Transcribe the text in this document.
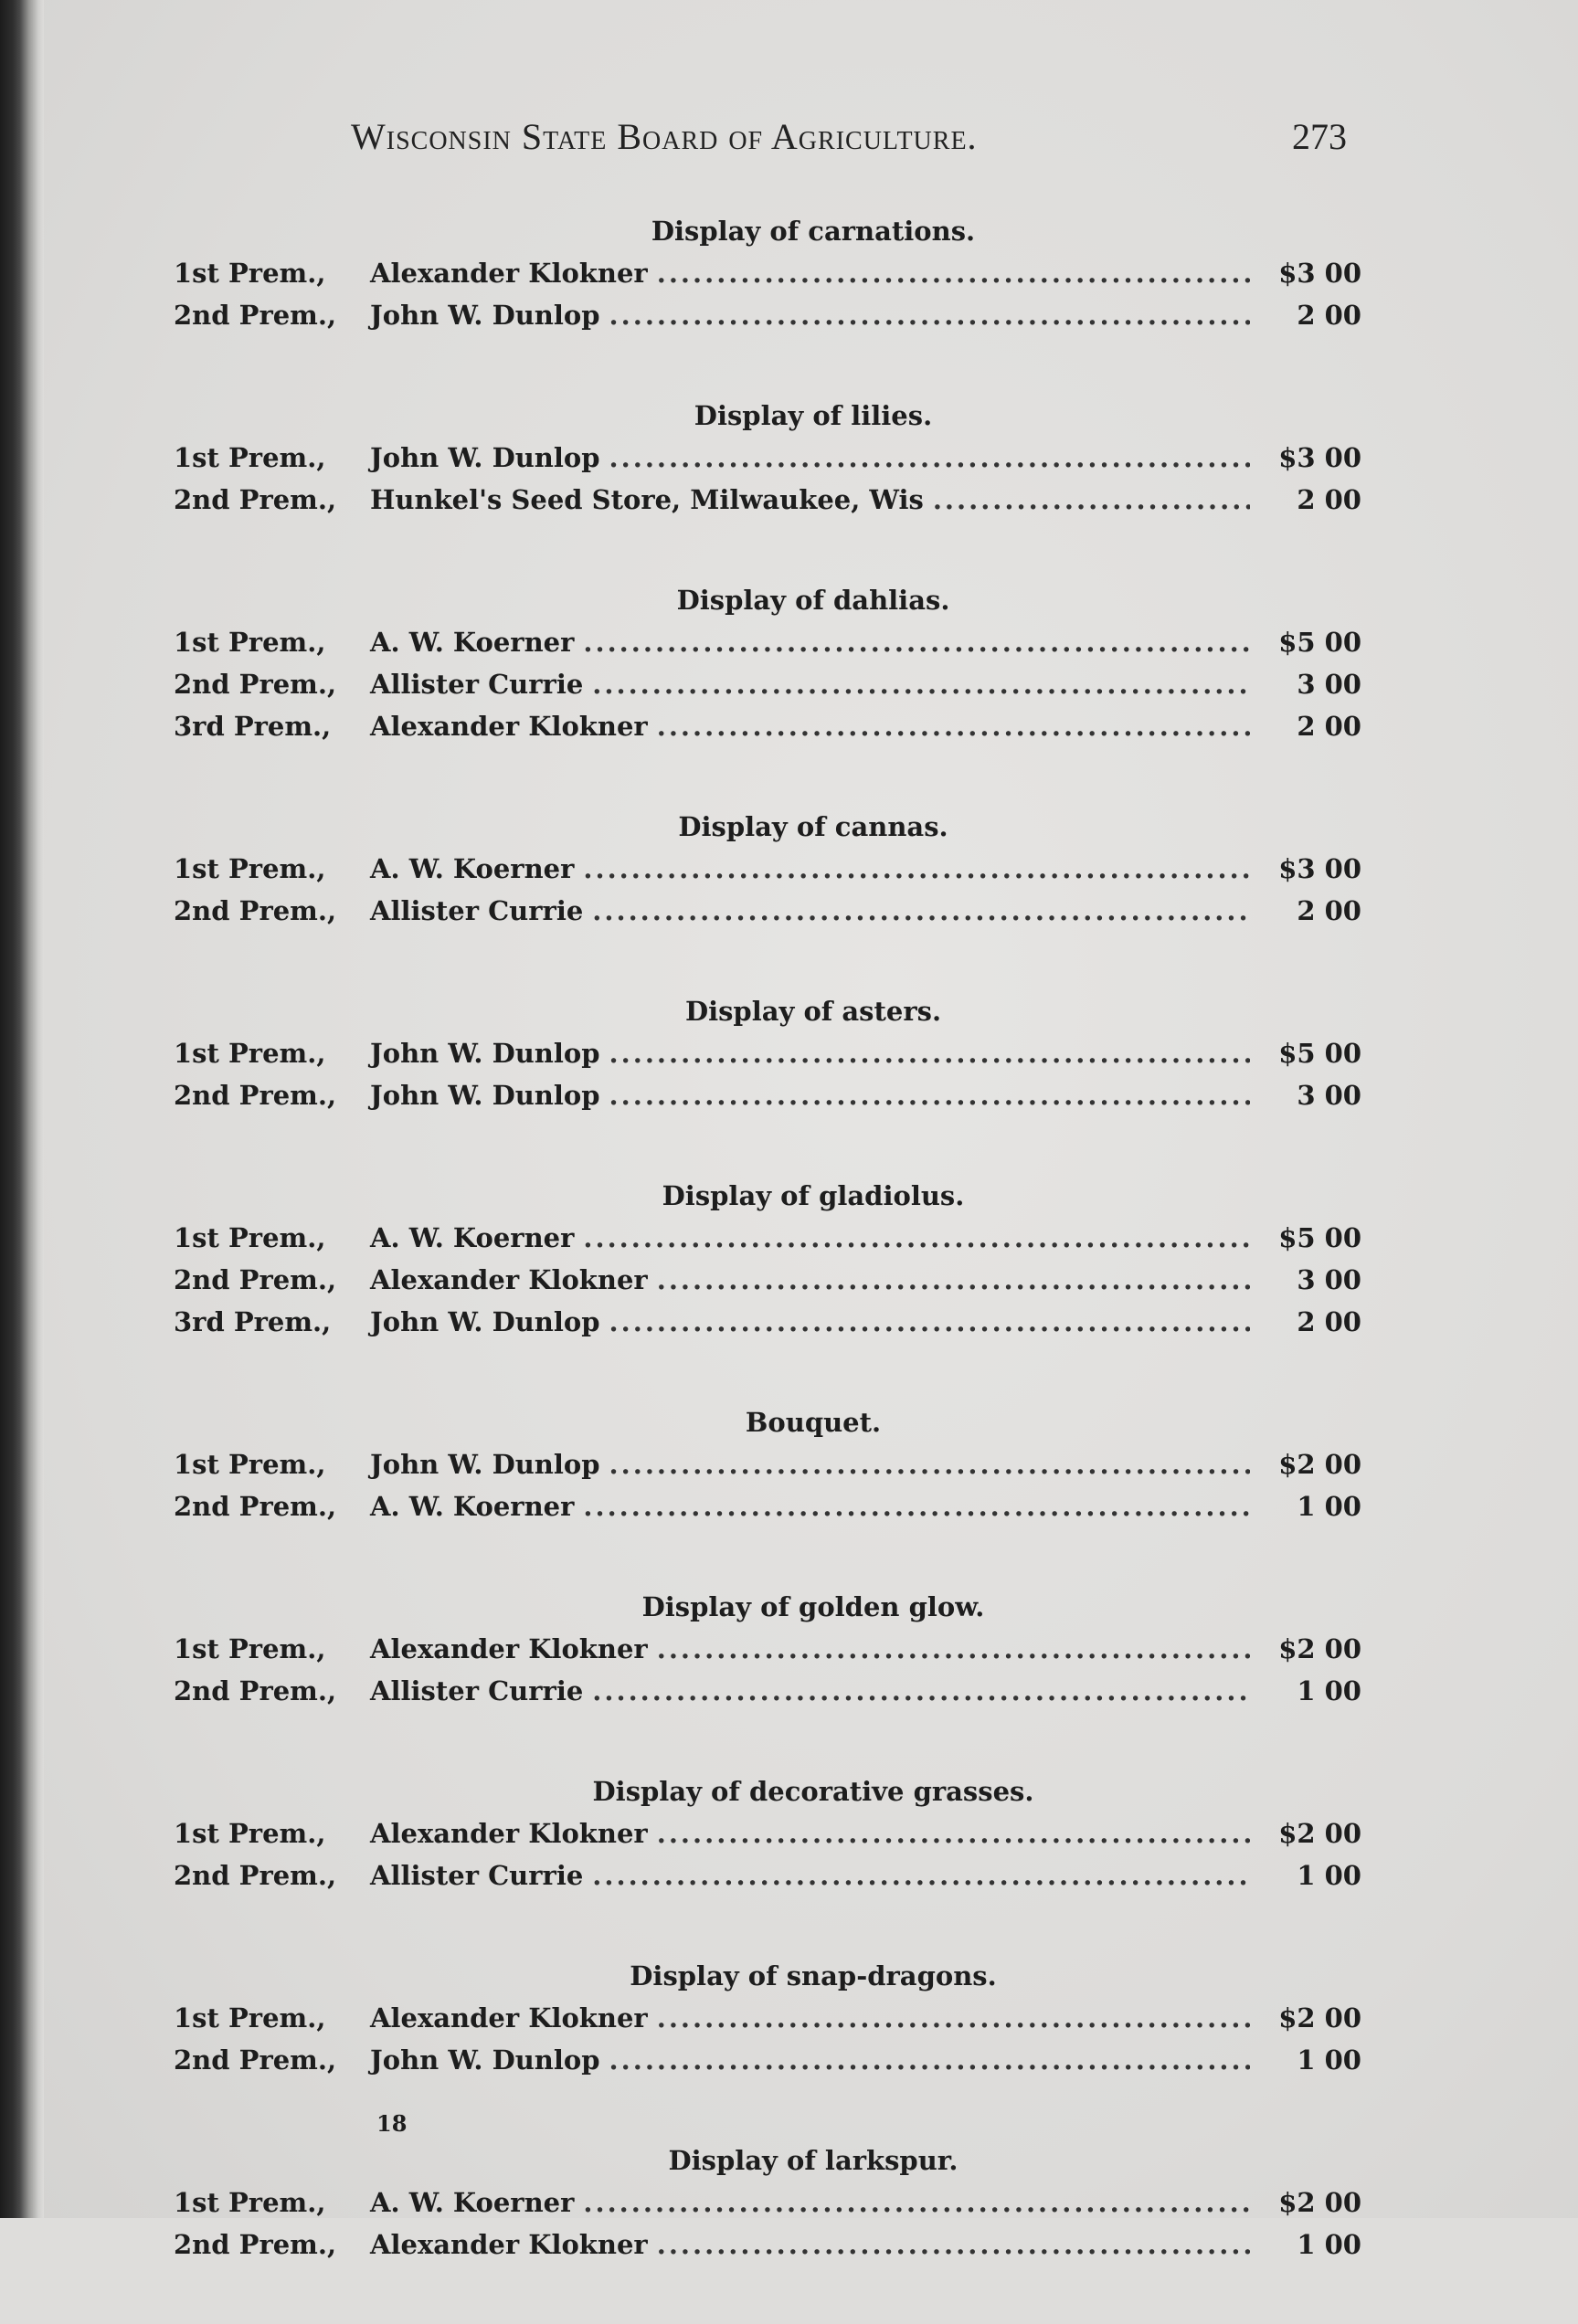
Wisconsin State Board of Agriculture.	273
Display of carnations.
1st Prem.,	Alexander Klokner .....	$3 00
2nd Prem.,	John W. Dunlop .....	2 00
Display of lilies.
1st Prem.,	John W. Dunlop .....	$3 00
2nd Prem.,	Hunkel's Seed Store, Milwaukee, Wis .....	2 00
Display of dahlias.
1st Prem.,	A. W. Koerner .....	$5 00
2nd Prem.,	Allister Currie .....	3 00
3rd Prem.,	Alexander Klokner .....	2 00
Display of cannas.
1st Prem.,	A. W. Koerner .....	$3 00
2nd Prem.,	Allister Currie .....	2 00
Display of asters.
1st Prem.,	John W. Dunlop .....	$5 00
2nd Prem.,	John W. Dunlop .....	3 00
Display of gladiolus.
1st Prem.,	A. W. Koerner .....	$5 00
2nd Prem.,	Alexander Klokner .....	3 00
3rd Prem.,	John W. Dunlop .....	2 00
Bouquet.
1st Prem.,	John W. Dunlop .....	$2 00
2nd Prem.,	A. W. Koerner .....	1 00
Display of golden glow.
1st Prem.,	Alexander Klokner .....	$2 00
2nd Prem.,	Allister Currie .....	1 00
Display of decorative grasses.
1st Prem.,	Alexander Klokner .....	$2 00
2nd Prem.,	Allister Currie .....	1 00
Display of snap-dragons.
1st Prem.,	Alexander Klokner .....	$2 00
2nd Prem.,	John W. Dunlop .....	1 00
Display of larkspur.
1st Prem.,	A. W. Koerner .....	$2 00
2nd Prem.,	Alexander Klokner .....	1 00
18
